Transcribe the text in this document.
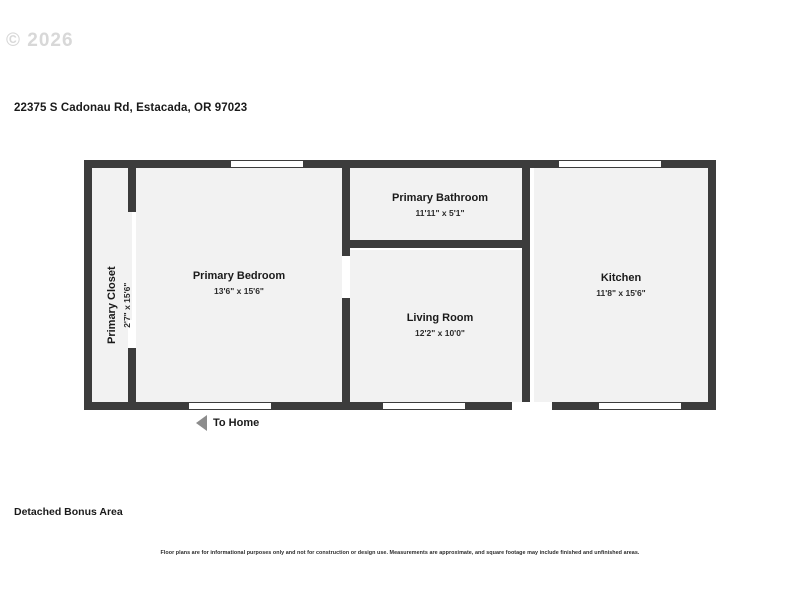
© 2026
22375 S Cadonau Rd, Estacada, OR 97023
Primary Closet 2'7" x 15'6"
Primary Bedroom
13'6" x 15'6"
Primary Bathroom
11'11" x 5'1"
Living Room
12'2" x 10'0"
Kitchen
11'8" x 15'6"
To Home
Detached Bonus Area
Floor plans are for informational purposes only and not for construction or design use. Measurements are approximate, and square footage may include finished and unfinished areas.
